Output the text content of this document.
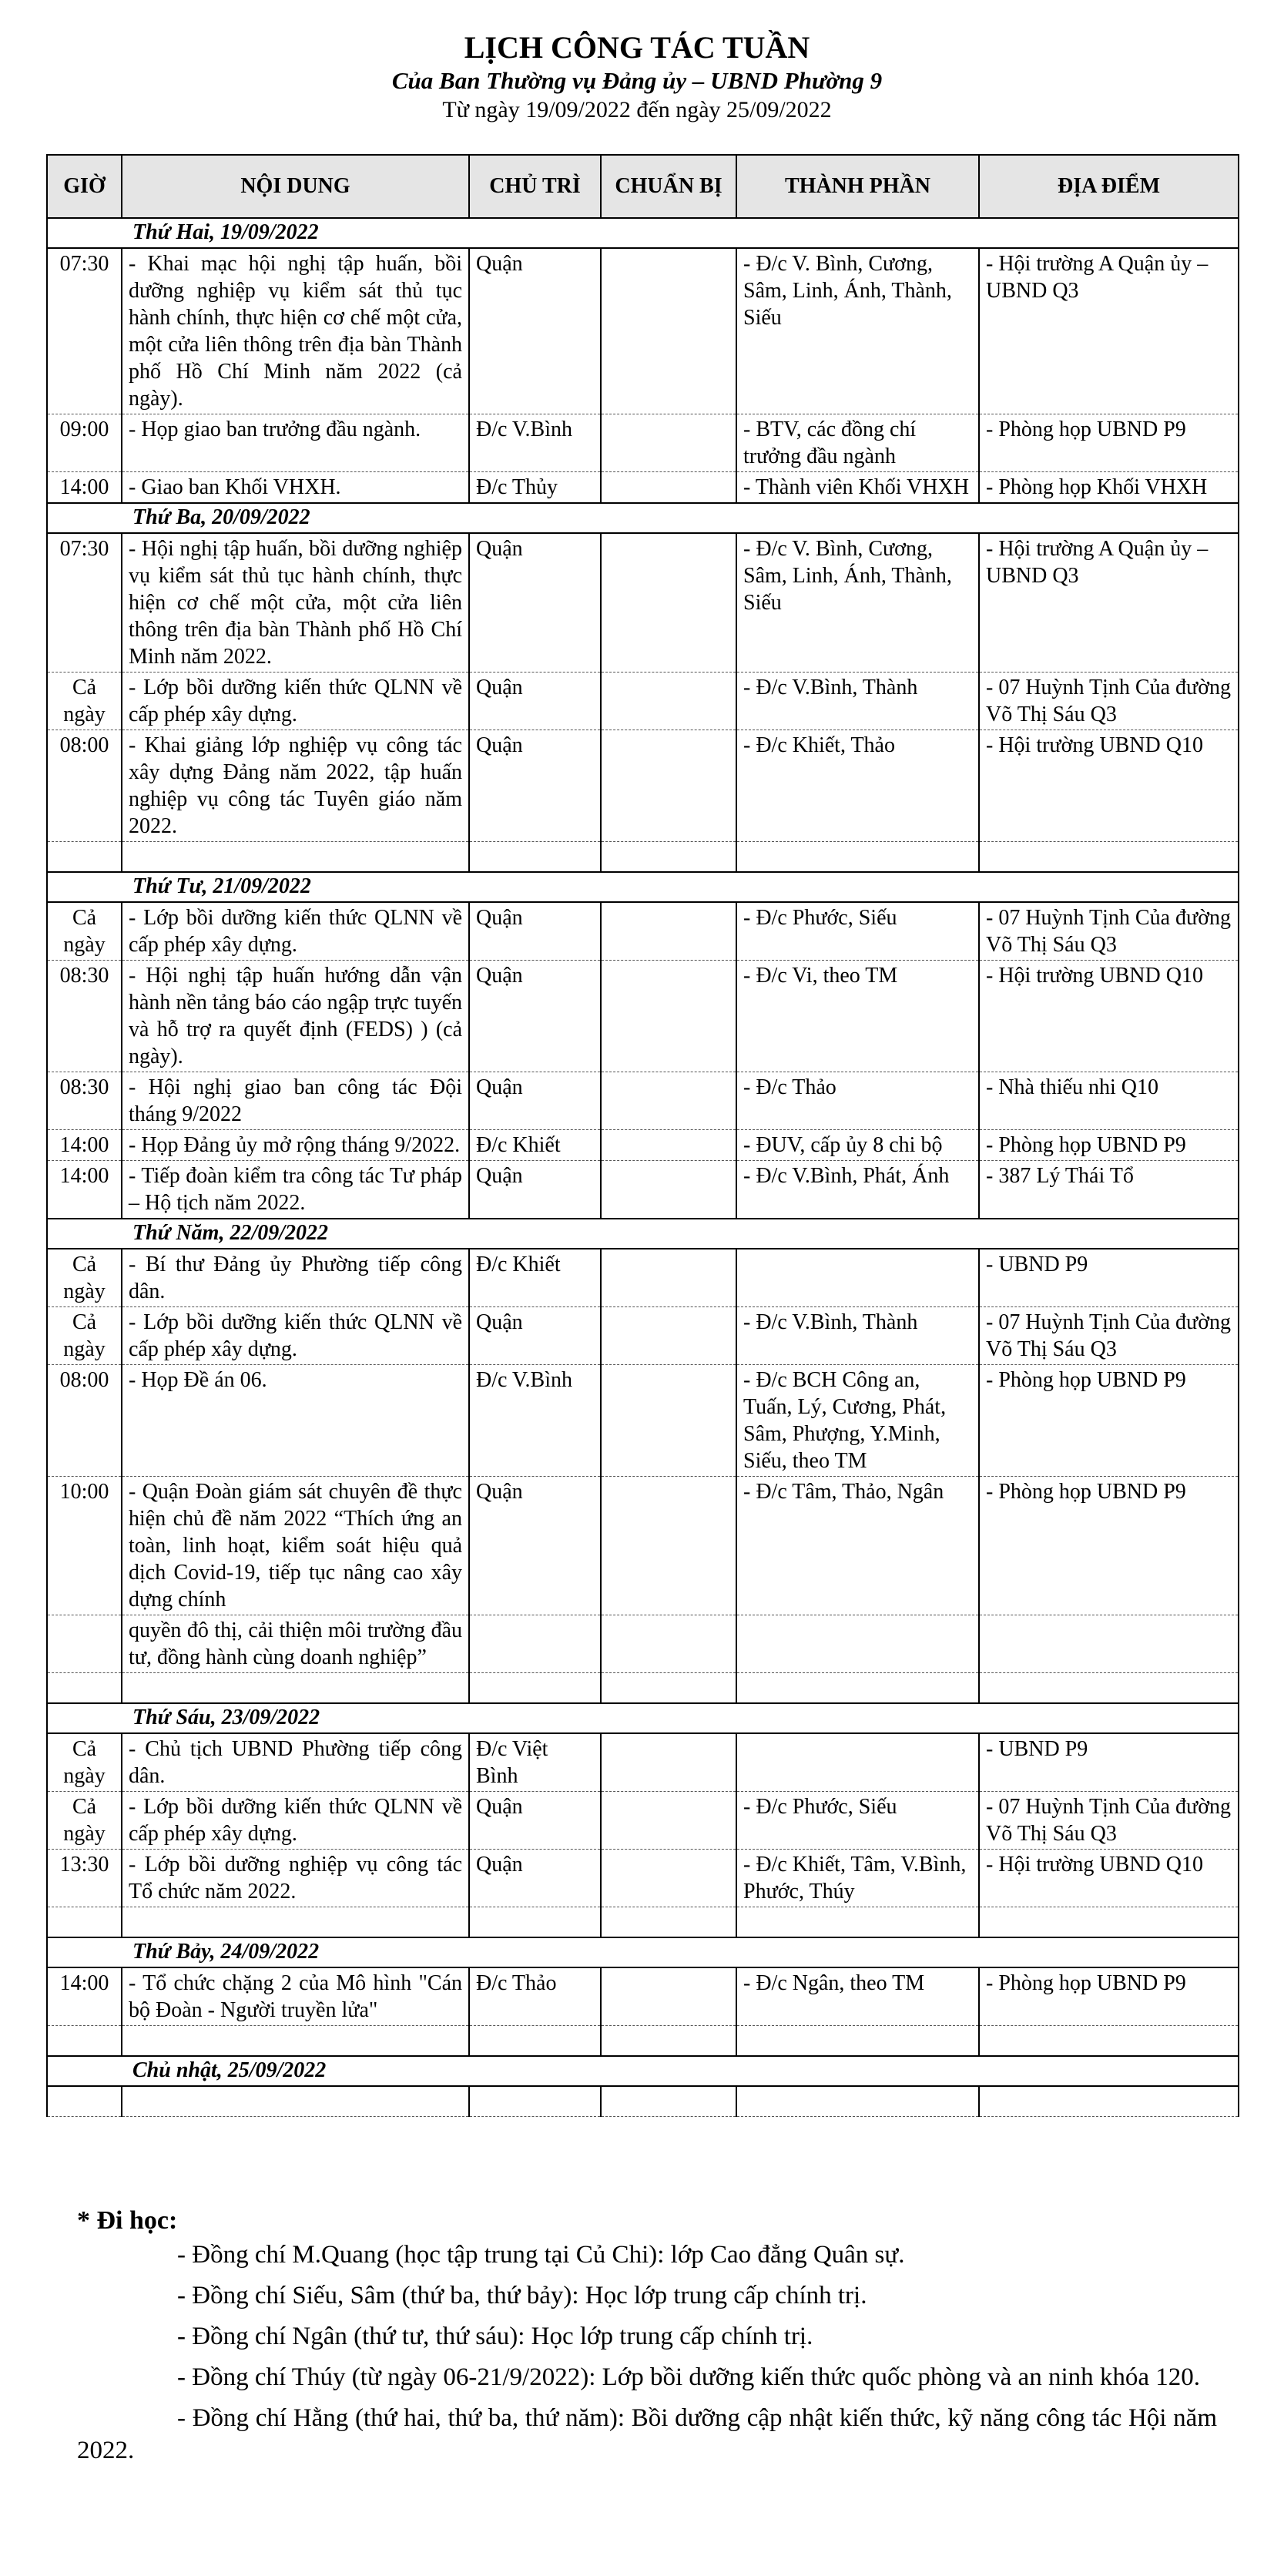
LỊCH CÔNG TÁC TUẦN
Của Ban Thường vụ Đảng ủy – UBND Phường 9
Từ ngày 19/09/2022 đến ngày 25/09/2022
GIỜ	NỘI DUNG	CHỦ TRÌ	CHUẨN BỊ	THÀNH PHẦN	ĐỊA ĐIỂM
Thứ Hai, 19/09/2022					
07:30	- Khai mạc hội nghị tập huấn, bồi dưỡng nghiệp vụ kiểm sát thủ tục hành chính, thực hiện cơ chế một cửa, một cửa liên thông trên địa bàn Thành phố Hồ Chí Minh năm 2022 (cả ngày).	Quận		- Đ/c V. Bình, Cương, Sâm, Linh, Ánh, Thành, Siếu	- Hội trường A Quận ủy – UBND Q3
09:00	- Họp giao ban trưởng đầu ngành.	Đ/c V.Bình		- BTV, các đồng chí trưởng đầu ngành	- Phòng họp UBND P9
14:00	- Giao ban Khối VHXH.	Đ/c Thủy		- Thành viên Khối VHXH	- Phòng họp Khối VHXH
Thứ Ba, 20/09/2022					
07:30	- Hội nghị tập huấn, bồi dưỡng nghiệp vụ kiểm sát thủ tục hành chính, thực hiện cơ chế một cửa, một cửa liên thông trên địa bàn Thành phố Hồ Chí Minh năm 2022.	Quận		- Đ/c V. Bình, Cương, Sâm, Linh, Ánh, Thành, Siếu	- Hội trường A Quận ủy – UBND Q3
Cả ngày	- Lớp bồi dưỡng kiến thức QLNN về cấp phép xây dựng.	Quận		- Đ/c V.Bình, Thành	- 07 Huỳnh Tịnh Của đường Võ Thị Sáu Q3
08:00	- Khai giảng lớp nghiệp vụ công tác xây dựng Đảng năm 2022, tập huấn nghiệp vụ công tác Tuyên giáo năm 2022.	Quận		- Đ/c Khiết, Thảo	- Hội trường UBND Q10

Thứ Tư, 21/09/2022					
Cả ngày	- Lớp bồi dưỡng kiến thức QLNN về cấp phép xây dựng.	Quận		- Đ/c Phước, Siếu	- 07 Huỳnh Tịnh Của đường Võ Thị Sáu Q3
08:30	- Hội nghị tập huấn hướng dẫn vận hành nền tảng báo cáo ngập trực tuyến và hỗ trợ ra quyết định (FEDS) ) (cả ngày).	Quận		- Đ/c Vi, theo TM	- Hội trường UBND Q10
08:30	- Hội nghị giao ban công tác Đội tháng 9/2022	Quận		- Đ/c Thảo	- Nhà thiếu nhi Q10
14:00	- Họp Đảng ủy mở rộng tháng 9/2022.	Đ/c Khiết		- ĐUV, cấp ủy 8 chi bộ	- Phòng họp UBND P9
14:00	- Tiếp đoàn kiểm tra công tác Tư pháp – Hộ tịch năm 2022.	Quận		- Đ/c V.Bình, Phát, Ánh	- 387 Lý Thái Tổ
Thứ Năm, 22/09/2022					
Cả ngày	- Bí thư Đảng ủy Phường tiếp công dân.	Đ/c Khiết			- UBND P9
Cả ngày	- Lớp bồi dưỡng kiến thức QLNN về cấp phép xây dựng.	Quận		- Đ/c V.Bình, Thành	- 07 Huỳnh Tịnh Của đường Võ Thị Sáu Q3
08:00	- Họp Đề án 06.	Đ/c V.Bình		- Đ/c BCH Công an, Tuấn, Lý, Cương, Phát, Sâm, Phượng, Y.Minh, Siếu, theo TM	- Phòng họp UBND P9
10:00	- Quận Đoàn giám sát chuyên đề thực hiện chủ đề năm 2022 “Thích ứng an toàn, linh hoạt, kiểm soát hiệu quả dịch Covid-19, tiếp tục nâng cao xây dựng chính	Quận		- Đ/c Tâm, Thảo, Ngân	- Phòng họp UBND P9
	quyền đô thị, cải thiện môi trường đầu tư, đồng hành cùng doanh nghiệp”				

Thứ Sáu, 23/09/2022					
Cả ngày	- Chủ tịch UBND Phường tiếp công dân.	Đ/c Việt Bình			- UBND P9
Cả ngày	- Lớp bồi dưỡng kiến thức QLNN về cấp phép xây dựng.	Quận		- Đ/c Phước, Siếu	- 07 Huỳnh Tịnh Của đường Võ Thị Sáu Q3
13:30	- Lớp bồi dưỡng nghiệp vụ công tác Tổ chức năm 2022.	Quận		- Đ/c Khiết, Tâm, V.Bình, Phước, Thúy	- Hội trường UBND Q10

Thứ Bảy, 24/09/2022					
14:00	- Tổ chức chặng 2 của Mô hình "Cán bộ Đoàn - Người truyền lửa"	Đ/c Thảo		- Đ/c Ngân, theo TM	- Phòng họp UBND P9

Chủ nhật, 25/09/2022					

* Đi học:
- Đồng chí M.Quang (học tập trung tại Củ Chi): lớp Cao đẳng Quân sự.
- Đồng chí Siếu, Sâm (thứ ba, thứ bảy): Học lớp trung cấp chính trị.
- Đồng chí Ngân (thứ tư, thứ sáu): Học lớp trung cấp chính trị.
- Đồng chí Thúy (từ ngày 06-21/9/2022): Lớp bồi dưỡng kiến thức quốc phòng và an ninh khóa 120.
- Đồng chí Hằng (thứ hai, thứ ba, thứ năm): Bồi dưỡng cập nhật kiến thức, kỹ năng công tác Hội năm 2022.
